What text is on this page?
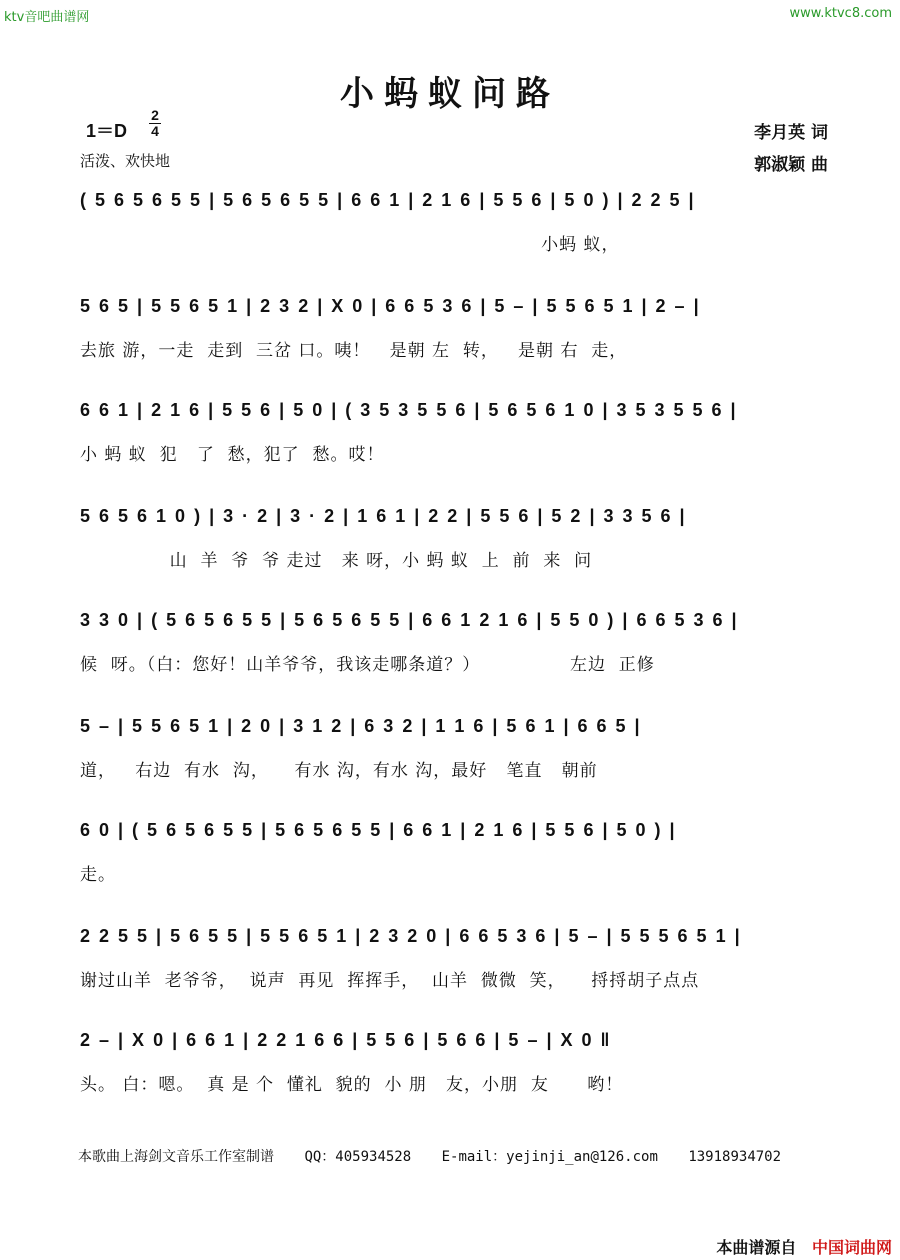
ktv音吧曲谱网	www.ktvc8.com
小蚂蚁问路
1＝D
2
4
活泼、欢快地
李月英 词
郭淑颖 曲
( 5 6 5 6 5 5 | 5 6 5 6 5 5 | 6 6 1 | 2 1 6 | 5 5 6 | 5 0 ) | 2 2 5 |
小蚂 蚁，
5 6 5 | 5 5 6 5 1 | 2 3 2 | X 0 | 6 6 5 3 6 | 5 – | 5 5 6 5 1 | 2 – |
去旅 游，一走  走到  三岔 口。咦！   是朝 左  转，   是朝 右  走，
6 6 1 | 2 1 6 | 5 5 6 | 5 0 | ( 3 5 3 5 5 6 | 5 6 5 6 1 0 | 3 5 3 5 5 6 |
小 蚂 蚁  犯   了  愁，犯了  愁。哎！
5 6 5 6 1 0 ) | 3 · 2 | 3 · 2 | 1 6 1 | 2 2 | 5 5 6 | 5 2 | 3 3 5 6 |
山  羊  爷  爷 走过   来 呀，小 蚂 蚁  上  前  来  问
3 3 0 | ( 5 6 5 6 5 5 | 5 6 5 6 5 5 | 6 6 1 2 1 6 | 5 5 0 ) | 6 6 5 3 6 |
候  呀。（白：您好！山羊爷爷，我该走哪条道？）              左边  正修
5 – | 5 5 6 5 1 | 2 0 | 3 1 2 | 6 3 2 | 1 1 6 | 5 6 1 | 6 6 5 |
道，   右边  有水  沟，    有水 沟，有水 沟，最好   笔直   朝前
6 0 | ( 5 6 5 6 5 5 | 5 6 5 6 5 5 | 6 6 1 | 2 1 6 | 5 5 6 | 5 0 ) |
走。
2 2 5 5 | 5 6 5 5 | 5 5 6 5 1 | 2 3 2 0 | 6 6 5 3 6 | 5 – | 5 5 5 6 5 1 |
谢过山羊  老爷爷，  说声  再见  挥挥手，  山羊  微微  笑，    捋捋胡子点点
2 – | X 0 | 6 6 1 | 2 2 1 6 6 | 5 5 6 | 5 6 6 | 5 – | X 0 ‖
头。 白：嗯。  真 是 个  懂礼  貌的  小 朋   友，小朋  友      哟！
本歌曲上海剑文音乐工作室制谱 QQ：405934528 E-mail：yejinji_an@126.com 13918934702
本曲谱源自 中国词曲网
